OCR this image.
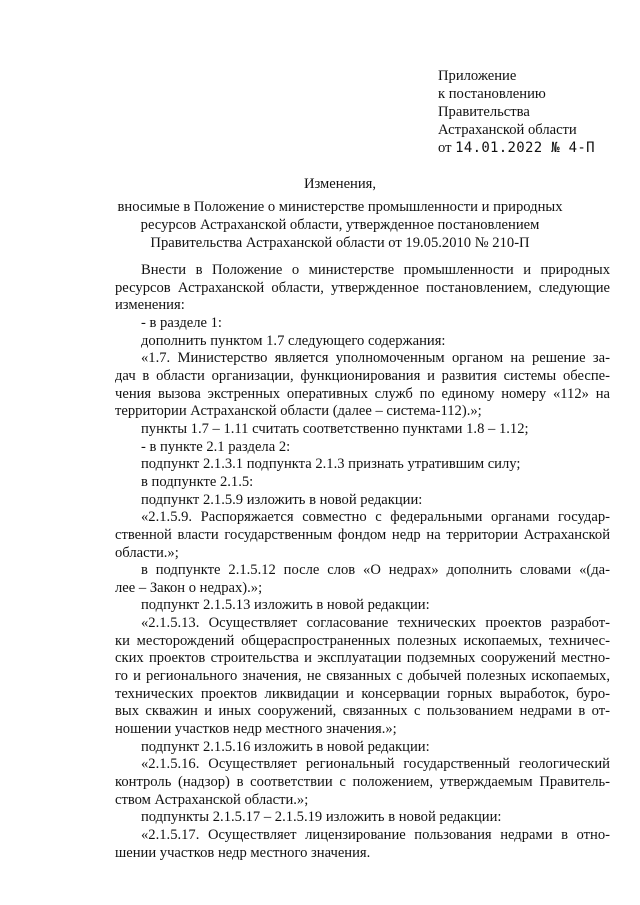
Приложение
к постановлению
Правительства
Астраханской области
от 14.01.2022 № 4-П
Изменения,
вносимые в Положение о министерстве промышленности и природных
ресурсов Астраханской области, утвержденное постановлением
Правительства Астраханской области от 19.05.2010 № 210-П
Внести в Положение о министерстве промышленности и природных
ресурсов Астраханской области, утвержденное постановлением, следующие
изменения:
- в разделе 1:
дополнить пунктом 1.7 следующего содержания:
«1.7. Министерство является уполномоченным органом на решение за-
дач в области организации, функционирования и развития системы обеспе-
чения вызова экстренных оперативных служб по единому номеру «112» на
территории Астраханской области (далее – система-112).»;
пункты 1.7 – 1.11 считать соответственно пунктами 1.8 – 1.12;
- в пункте 2.1 раздела 2:
подпункт 2.1.3.1 подпункта 2.1.3 признать утратившим силу;
в подпункте 2.1.5:
подпункт 2.1.5.9 изложить в новой редакции:
«2.1.5.9. Распоряжается совместно с федеральными органами государ-
ственной власти государственным фондом недр на территории Астраханской
области.»;
в подпункте 2.1.5.12 после слов «О недрах» дополнить словами «(да-
лее – Закон о недрах).»;
подпункт 2.1.5.13 изложить в новой редакции:
«2.1.5.13. Осуществляет согласование технических проектов разработ-
ки месторождений общераспространенных полезных ископаемых, техничес-
ских проектов строительства и эксплуатации подземных сооружений местно-
го и регионального значения, не связанных с добычей полезных ископаемых,
технических проектов ликвидации и консервации горных выработок, буро-
вых скважин и иных сооружений, связанных с пользованием недрами в от-
ношении участков недр местного значения.»;
подпункт 2.1.5.16 изложить в новой редакции:
«2.1.5.16. Осуществляет региональный государственный геологический
контроль (надзор) в соответствии с положением, утверждаемым Правитель-
ством Астраханской области.»;
подпункты 2.1.5.17 – 2.1.5.19 изложить в новой редакции:
«2.1.5.17. Осуществляет лицензирование пользования недрами в отно-
шении участков недр местного значения.
